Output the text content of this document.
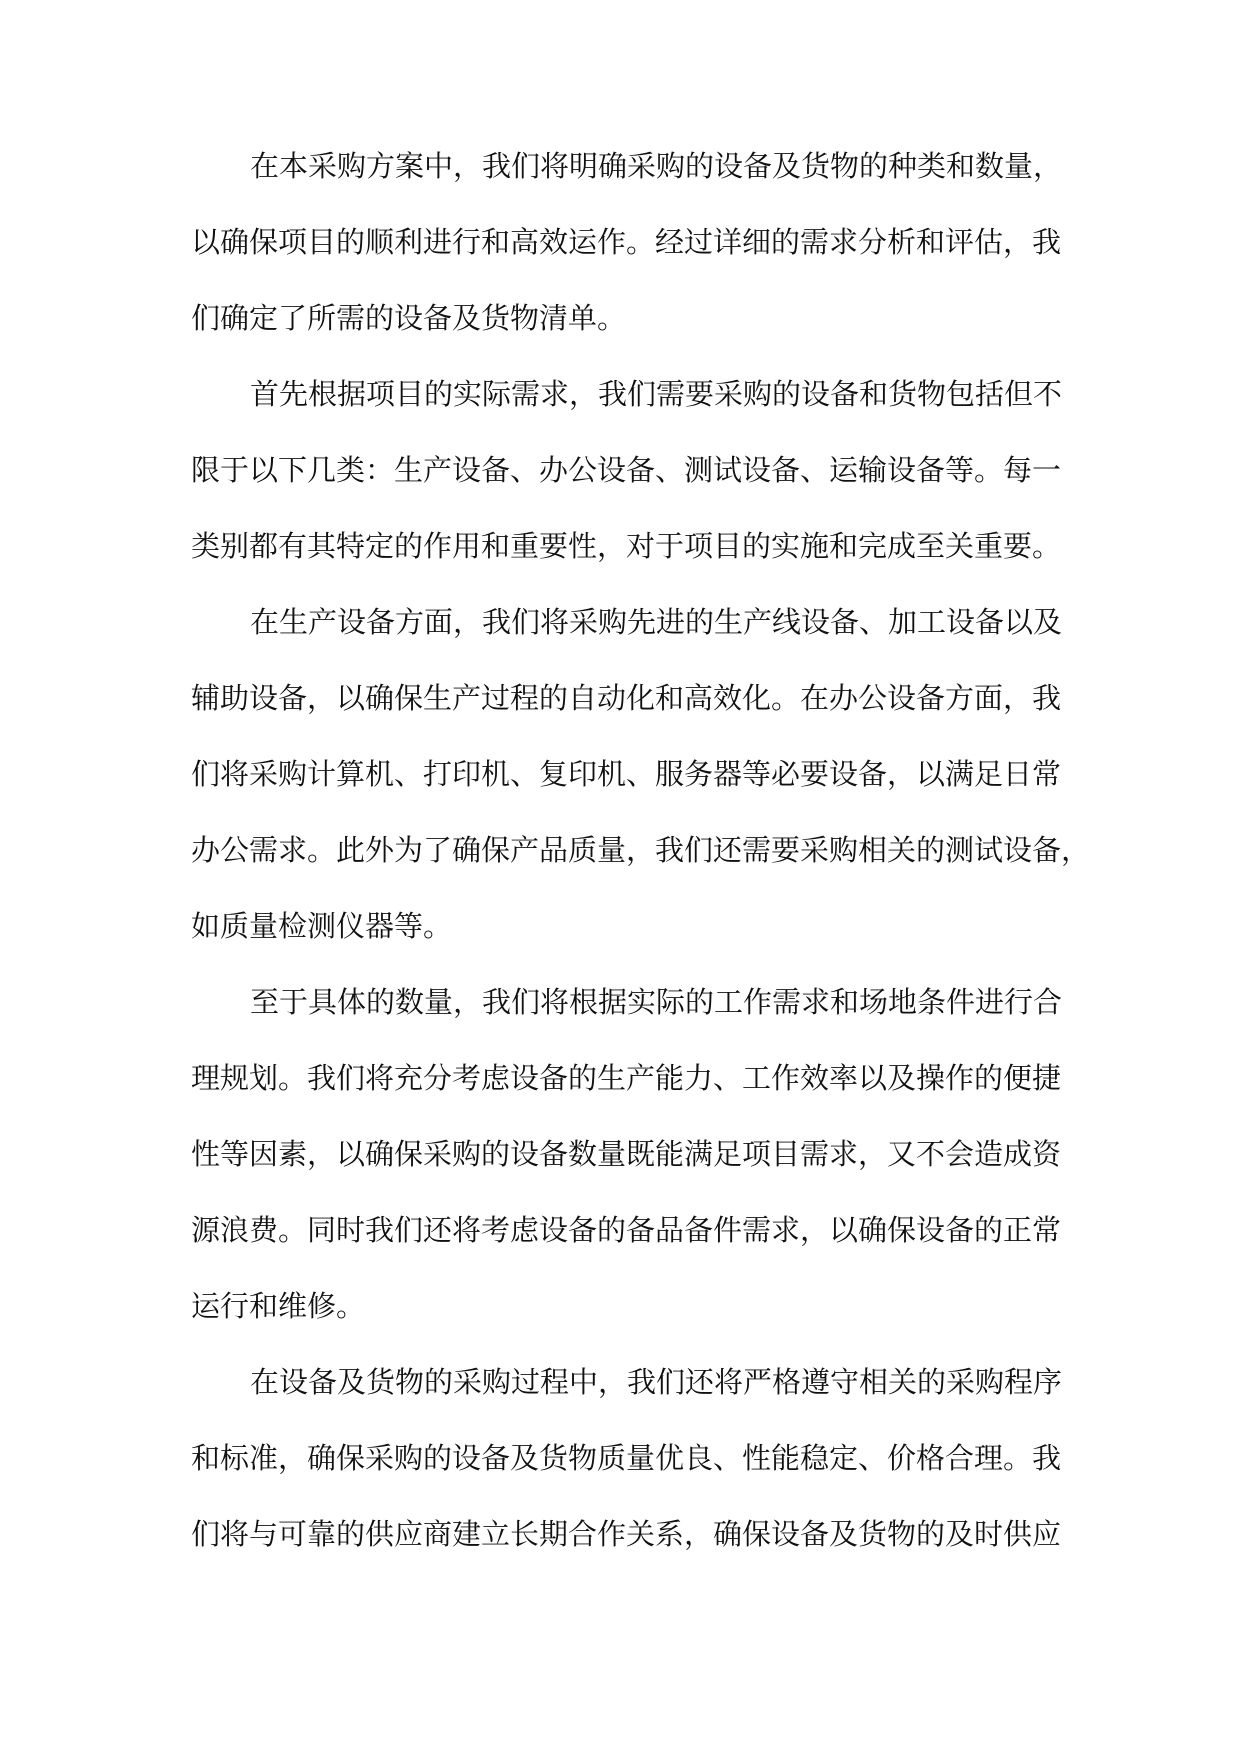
在本采购方案中，我们将明确采购的设备及货物的种类和数量，
以确保项目的顺利进行和高效运作。经过详细的需求分析和评估，我
们确定了所需的设备及货物清单。
首先根据项目的实际需求，我们需要采购的设备和货物包括但不
限于以下几类：生产设备、办公设备、测试设备、运输设备等。每一
类别都有其特定的作用和重要性，对于项目的实施和完成至关重要。
在生产设备方面，我们将采购先进的生产线设备、加工设备以及
辅助设备，以确保生产过程的自动化和高效化。在办公设备方面，我
们将采购计算机、打印机、复印机、服务器等必要设备，以满足日常
办公需求。此外为了确保产品质量，我们还需要采购相关的测试设备，
如质量检测仪器等。
至于具体的数量，我们将根据实际的工作需求和场地条件进行合
理规划。我们将充分考虑设备的生产能力、工作效率以及操作的便捷
性等因素，以确保采购的设备数量既能满足项目需求，又不会造成资
源浪费。同时我们还将考虑设备的备品备件需求，以确保设备的正常
运行和维修。
在设备及货物的采购过程中，我们还将严格遵守相关的采购程序
和标准，确保采购的设备及货物质量优良、性能稳定、价格合理。我
们将与可靠的供应商建立长期合作关系，确保设备及货物的及时供应
